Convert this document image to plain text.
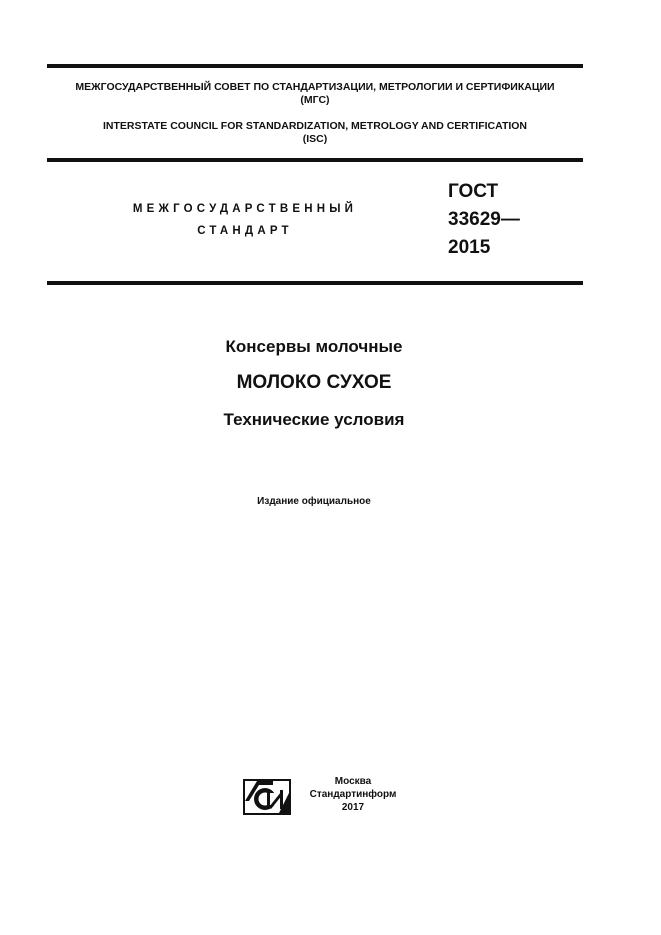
МЕЖГОСУДАРСТВЕННЫЙ СОВЕТ ПО СТАНДАРТИЗАЦИИ, МЕТРОЛОГИИ И СЕРТИФИКАЦИИ
(МГС)
INTERSTATE COUNCIL FOR STANDARDIZATION, METROLOGY AND CERTIFICATION
(ISC)
МЕЖГОСУДАРСТВЕННЫЙ
СТАНДАРТ
ГОСТ
33629—
2015
Консервы молочные
МОЛОКО СУХОЕ
Технические условия
Издание официальное
Москва
Стандартинформ
2017
